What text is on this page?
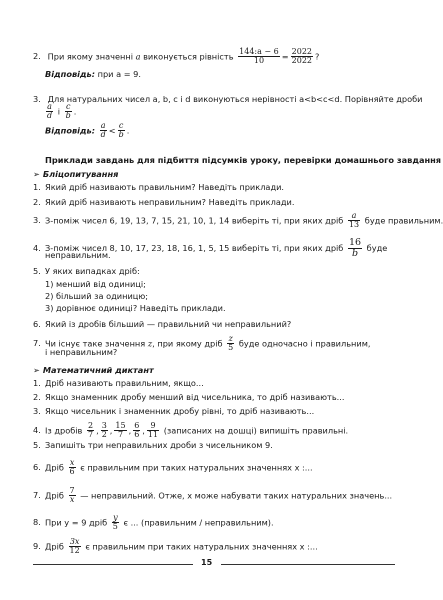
2. При якому значенні a виконується рівність $\frac{144:a - 6}{10} = \frac{2022}{2022}$ ?
Відповідь: при a = 9.
3. Для натуральних чисел a, b, c і d виконуються нерівності a<b<c<d. Порівняйте дроби
$\frac{a}{d}$ і $\frac{c}{b}$ .
Відповідь: $\frac{a}{d} < \frac{c}{b}$ .
Приклади завдань для підбиття підсумків уроку, перевірки домашнього завдання
➢ Бліцопитування
1. Який дріб називають правильним? Наведіть приклади.
2. Який дріб називають неправильним? Наведіть приклади.
3. З-поміж чисел 6, 19, 13, 7, 15, 21, 10, 1, 14 виберіть ті, при яких дріб $\frac{a}{13}$ буде правильним.
4. З-поміж чисел 8, 10, 17, 23, 18, 16, 1, 5, 15 виберіть ті, при яких дріб $\frac{16}{b}$ буде
неправильним.
5. У яких випадках дріб:
1) менший від одиниці;
2) більший за одиницю;
3) дорівнює одиниці? Наведіть приклади.
6. Який із дробів більший — правильний чи неправильний?
7. Чи існує таке значення z, при якому дріб $\frac{z}{5}$ буде одночасно і правильним,
і неправильним?
➢ Математичний диктант
1. Дріб називають правильним, якщо...
2. Якщо знаменник дробу менший від чисельника, то дріб називають...
3. Якщо чисельник і знаменник дробу рівні, то дріб називають...
4. Із дробів $\frac{2}{7}$ , $\frac{3}{2}$ , $\frac{15}{7}$ , $\frac{6}{6}$ , $\frac{9}{11}$ (записаних на дошці) випишіть правильні.
5. Запишіть три неправильних дроби з чисельником 9.
6. Дріб $\frac{x}{6}$ є правильним при таких натуральних значеннях x :...
7. Дріб $\frac{7}{x}$ — неправильний. Отже, x може набувати таких натуральних значень...
8. При y = 9 дріб $\frac{y}{5}$ є ... (правильним / неправильним).
9. Дріб $\frac{3x}{12}$ є правильним при таких натуральних значеннях x :...
15
